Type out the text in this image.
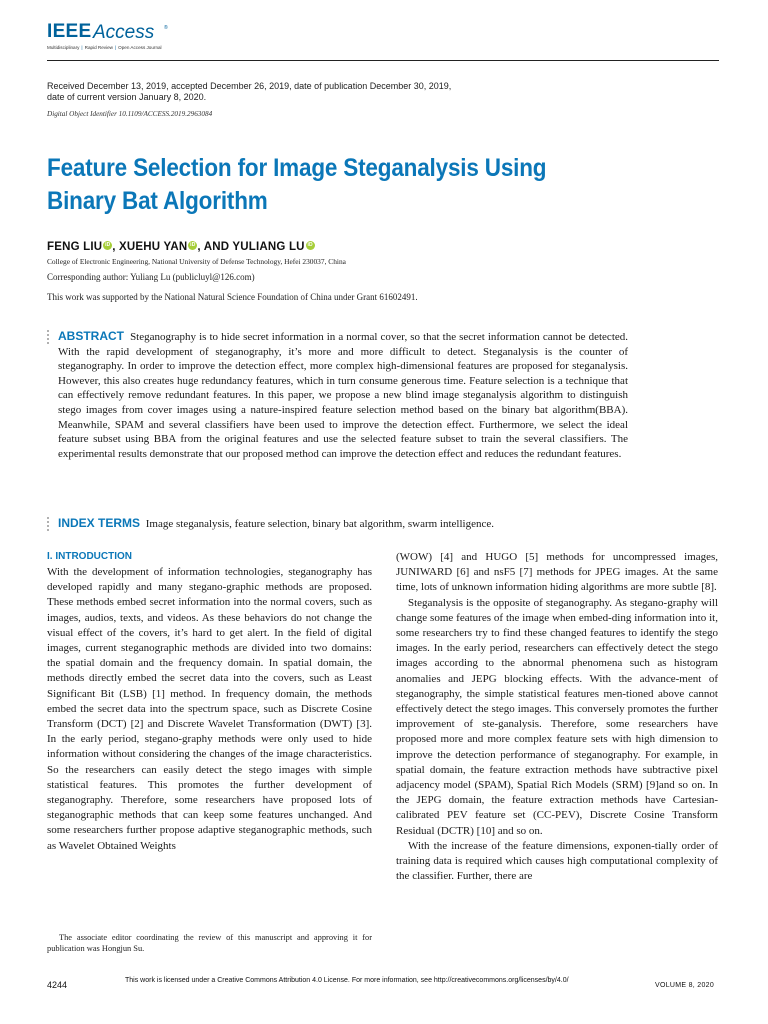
IEEE Access ®
Multidisciplinary | Rapid Review | Open Access Journal
Received December 13, 2019, accepted December 26, 2019, date of publication December 30, 2019,
date of current version January 8, 2020.
Digital Object Identifier 10.1109/ACCESS.2019.2963084
Feature Selection for Image Steganalysis Using
Binary Bat Algorithm
FENG LIU iD , XUEHU YAN iD , AND YULIANG LU iD
College of Electronic Engineering, National University of Defense Technology, Hefei 230037, China
Corresponding author: Yuliang Lu (publicluyl@126.com)
This work was supported by the National Natural Science Foundation of China under Grant 61602491.
ABSTRACT Steganography is to hide secret information in a normal cover, so that the secret information cannot be detected. With the rapid development of steganography, it’s more and more difficult to detect. Steganalysis is the counter of steganography. In order to improve the detection effect, more complex high-dimensional features are proposed for steganalysis. However, this also creates huge redundancy features, which in turn consume generous time. Feature selection is a technique that can effectively remove redundant features. In this paper, we propose a new blind image steganalysis algorithm to distinguish stego images from cover images using a nature-inspired feature selection method based on the binary bat algorithm(BBA). Meanwhile, SPAM and several classifiers have been used to improve the detection effect. Furthermore, we select the ideal feature subset using BBA from the original features and use the selected feature subset to train the several classifiers. The experimental results demonstrate that our proposed method can improve the detection effect and reduces the redundant features.
INDEX TERMS Image steganalysis, feature selection, binary bat algorithm, swarm intelligence.
I. INTRODUCTION

With the development of information technologies, steganography has developed rapidly and many stegano-graphic methods are proposed. These methods embed secret information into the normal covers, such as images, audios, texts, and videos. As these behaviors do not change the visual effect of the covers, it’s hard to get alert. In the field of digital images, current steganographic methods are divided into two domains: the spatial domain and the frequency domain. In spatial domain, the methods directly embed the secret data into the covers, such as Least Significant Bit (LSB) [1] method. In frequency domain, the methods embed the secret data into the spectrum space, such as Discrete Cosine Transform (DCT) [2] and Discrete Wavelet Transformation (DWT) [3]. In the early period, stegano-graphy methods were only used to hide information without considering the changes of the image characteristics. So the researchers can easily detect the stego images with simple statistical features. This promotes the further development of steganography. Therefore, some researchers have proposed lots of steganographic methods that can keep some features unchanged. And some researchers further propose adaptive steganographic methods, such as Wavelet Obtained Weights

(WOW) [4] and HUGO [5] methods for uncompressed images, JUNIWARD [6] and nsF5 [7] methods for JPEG images. At the same time, lots of unknown information hiding algorithms are more subtle [8].

Steganalysis is the opposite of steganography. As stegano-graphy will change some features of the image when embed-ding information into it, some researchers try to find these changed features to identify the stego images. In the early period, researchers can effectively detect the stego images according to the abnormal phenomena such as histogram anomalies and JEPG blocking effects. With the advance-ment of steganography, the simple statistical features men-tioned above cannot effectively detect the stego images. This conversely promotes the further improvement of ste-ganalysis. Therefore, some researchers have proposed more and more complex feature sets with high dimension to improve the detection performance of steganography. For example, in spatial domain, the feature extraction methods have subtractive pixel adjacency model (SPAM), Spatial Rich Models (SRM) [9]and so on. In the JEPG domain, the feature extraction methods have Cartesian-calibrated PEV feature set (CC-PEV), Discrete Cosine Transform Residual (DCTR) [10] and so on.

With the increase of the feature dimensions, exponen-tially order of training data is required which causes high computational complexity of the classifier. Further, there are

The associate editor coordinating the review of this manuscript and approving it for publication was Hongjun Su.

4244	This work is licensed under a Creative Commons Attribution 4.0 License. For more information, see http://creativecommons.org/licenses/by/4.0/
VOLUME 8, 2020
